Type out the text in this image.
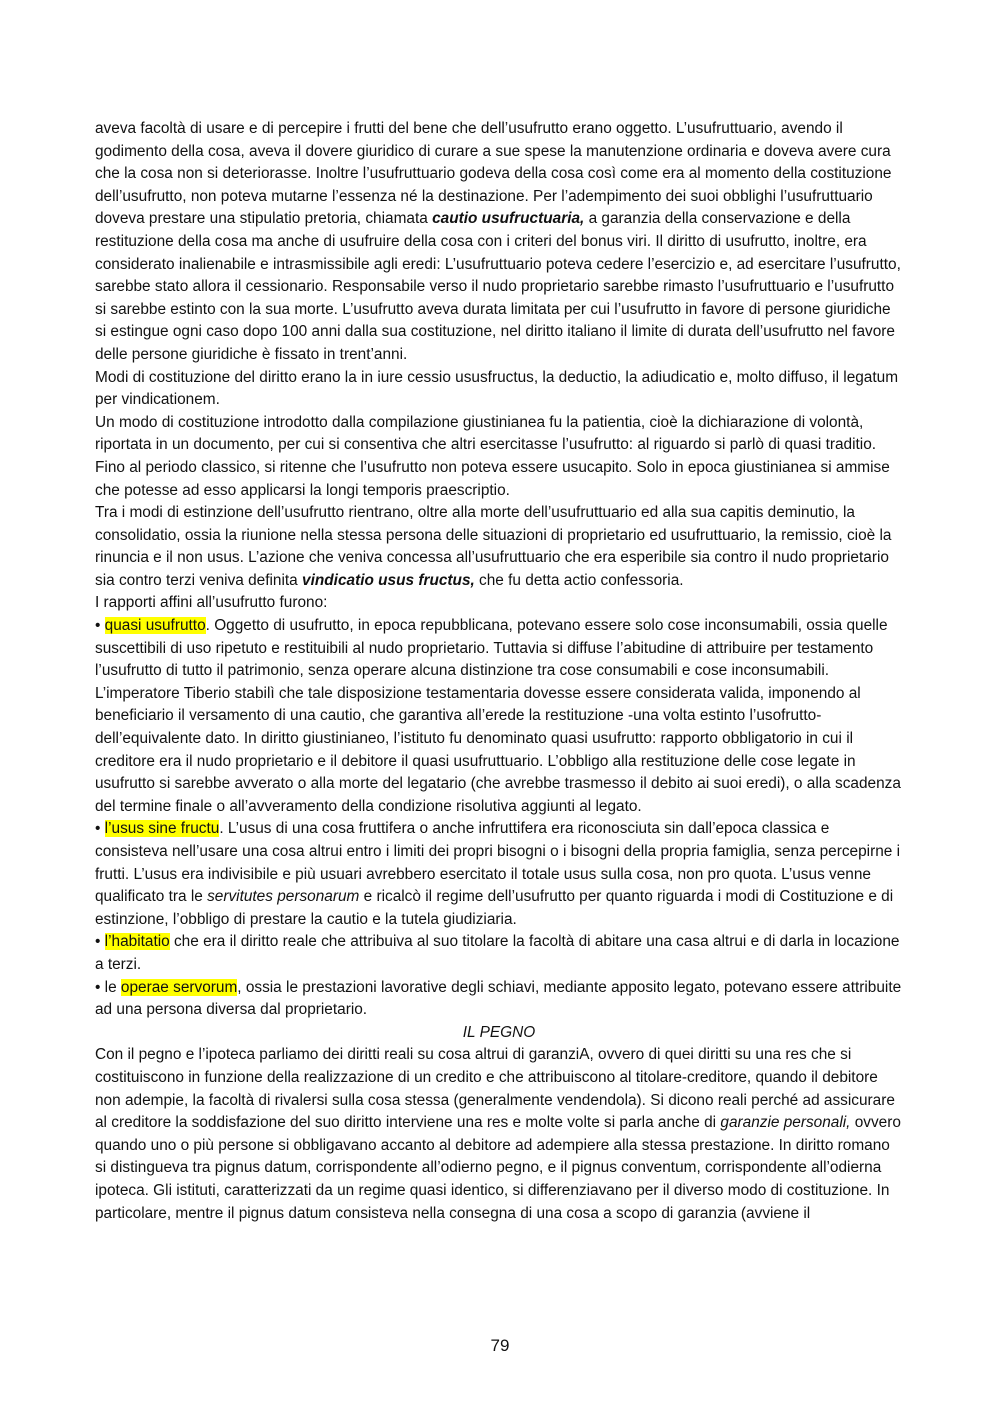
aveva facoltà di usare e di percepire i frutti del bene che dell’usufrutto erano oggetto. L’usufruttuario, avendo il godimento della cosa, aveva il dovere giuridico di curare a sue spese la manutenzione ordinaria e doveva avere cura che la cosa non si deteriorasse. Inoltre l’usufruttuario godeva della cosa così come era al momento della costituzione dell’usufrutto, non poteva mutarne l’essenza né la destinazione. Per l’adempimento dei suoi obblighi l’usufruttuario doveva prestare una stipulatio pretoria, chiamata cautio usufructuaria, a garanzia della conservazione e della restituzione della cosa ma anche di usufruire della cosa con i criteri del bonus viri. Il diritto di usufrutto, inoltre, era considerato inalienabile e intrasmissibile agli eredi: L’usufruttuario poteva cedere l’esercizio e, ad esercitare l’usufrutto, sarebbe stato allora il cessionario. Responsabile verso il nudo proprietario sarebbe rimasto l’usufruttuario e l’usufrutto si sarebbe estinto con la sua morte. L’usufrutto aveva durata limitata per cui l’usufrutto in favore di persone giuridiche si estingue ogni caso dopo 100 anni dalla sua costituzione, nel diritto italiano il limite di durata dell’usufrutto nel favore delle persone giuridiche è fissato in trent’anni.

Modi di costituzione del diritto erano la in iure cessio ususfructus, la deductio, la adiudicatio e, molto diffuso, il legatum per vindicationem.

Un modo di costituzione introdotto dalla compilazione giustinianea fu la patientia, cioè la dichiarazione di volontà, riportata in un documento, per cui si consentiva che altri esercitasse l’usufrutto: al riguardo si parlò di quasi traditio. Fino al periodo classico, si ritenne che l’usufrutto non poteva essere usucapito. Solo in epoca giustinianea si ammise che potesse ad esso applicarsi la longi temporis praescriptio.

Tra i modi di estinzione dell’usufrutto rientrano, oltre alla morte dell’usufruttuario ed alla sua capitis deminutio, la consolidatio, ossia la riunione nella stessa persona delle situazioni di proprietario ed usufruttuario, la remissio, cioè la rinuncia e il non usus. L’azione che veniva concessa all’usufruttuario che era esperibile sia contro il nudo proprietario sia contro terzi veniva definita vindicatio usus fructus, che fu detta actio confessoria.

I rapporti affini all’usufrutto furono:

• quasi usufrutto. Oggetto di usufrutto, in epoca repubblicana, potevano essere solo cose inconsumabili, ossia quelle suscettibili di uso ripetuto e restituibili al nudo proprietario. Tuttavia si diffuse l’abitudine di attribuire per testamento l’usufrutto di tutto il patrimonio, senza operare alcuna distinzione tra cose consumabili e cose inconsumabili. L’imperatore Tiberio stabilì che tale disposizione testamentaria dovesse essere considerata valida, imponendo al beneficiario il versamento di una cautio, che garantiva all’erede la restituzione -una volta estinto l’usofrutto- dell’equivalente dato. In diritto giustinianeo, l’istituto fu denominato quasi usufrutto: rapporto obbligatorio in cui il creditore era il nudo proprietario e il debitore il quasi usufruttuario. L’obbligo alla restituzione delle cose legate in usufrutto si sarebbe avverato o alla morte del legatario (che avrebbe trasmesso il debito ai suoi eredi), o alla scadenza del termine finale o all’avveramento della condizione risolutiva aggiunti al legato.

• l’usus sine fructu. L’usus di una cosa fruttifera o anche infruttifera era riconosciuta sin dall’epoca classica e consisteva nell’usare una cosa altrui entro i limiti dei propri bisogni o i bisogni della propria famiglia, senza percepirne i frutti. L’usus era indivisibile e più usuari avrebbero esercitato il totale usus sulla cosa, non pro quota. L’usus venne qualificato tra le servitutes personarum e ricalcò il regime dell’usufrutto per quanto riguarda i modi di Costituzione e di estinzione, l’obbligo di prestare la cautio e la tutela giudiziaria.

• l’habitatio che era il diritto reale che attribuiva al suo titolare la facoltà di abitare una casa altrui e di darla in locazione a terzi.

• le operae servorum, ossia le prestazioni lavorative degli schiavi, mediante apposito legato, potevano essere attribuite ad una persona diversa dal proprietario.

IL PEGNO

Con il pegno e l’ipoteca parliamo dei diritti reali su cosa altrui di garanziA, ovvero di quei diritti su una res che si costituiscono in funzione della realizzazione di un credito e che attribuiscono al titolare-creditore, quando il debitore non adempie, la facoltà di rivalersi sulla cosa stessa (generalmente vendendola). Si dicono reali perché ad assicurare al creditore la soddisfazione del suo diritto interviene una res e molte volte si parla anche di garanzie personali, ovvero quando uno o più persone si obbligavano accanto al debitore ad adempiere alla stessa prestazione. In diritto romano si distingueva tra pignus datum, corrispondente all’odierno pegno, e il pignus conventum, corrispondente all’odierna ipoteca. Gli istituti, caratterizzati da un regime quasi identico, si differenziavano per il diverso modo di costituzione. In particolare, mentre il pignus datum consisteva nella consegna di una cosa a scopo di garanzia (avviene il

79
